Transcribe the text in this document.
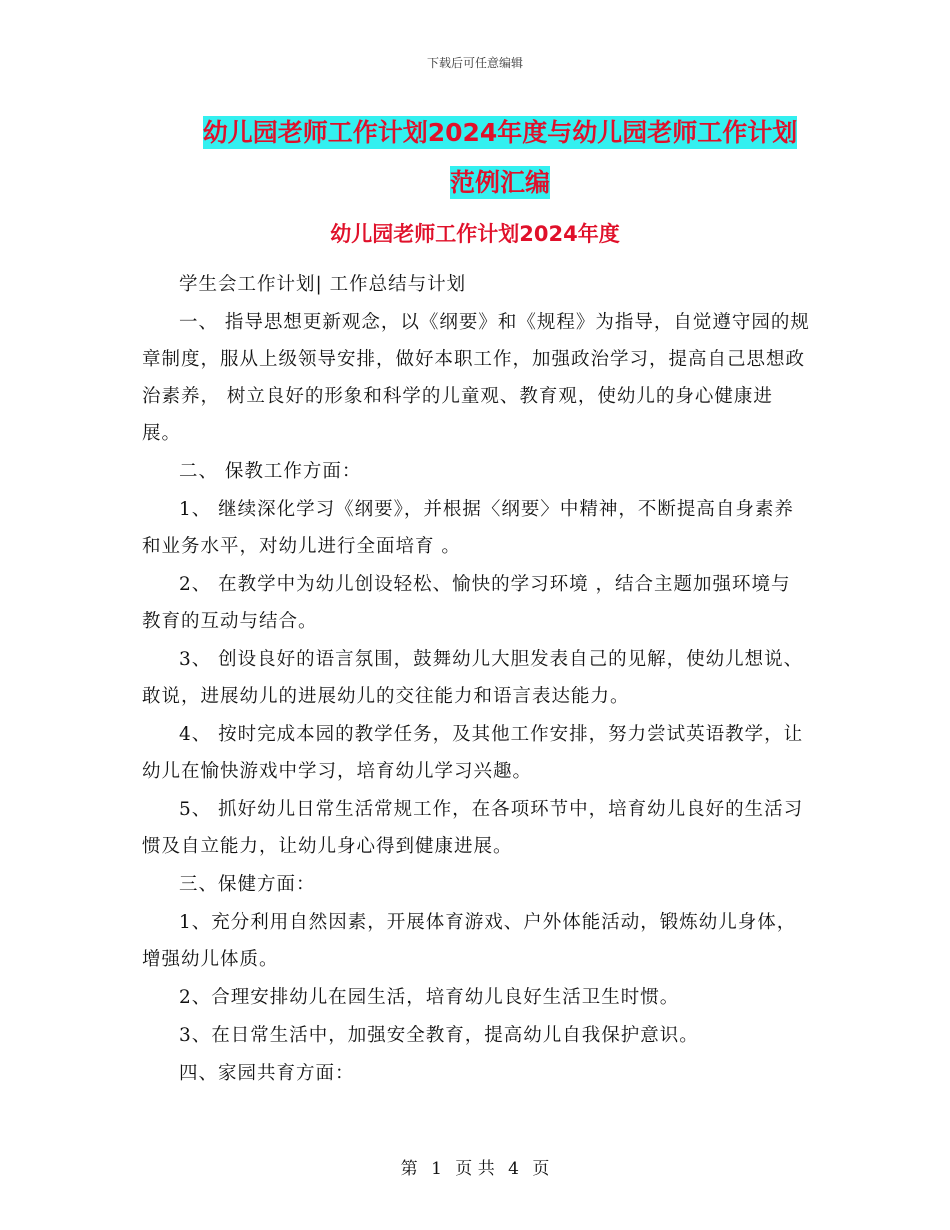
下载后可任意编辑
幼儿园老师工作计划2024年度与幼儿园老师工作计划
范例汇编
幼儿园老师工作计划2024年度

学生会工作计划| 工作总结与计划

一、 指导思想更新观念，以《纲要》和《规程》为指导，自觉遵守园的规章制度，服从上级领导安排，做好本职工作，加强政治学习，提高自己思想政治素养， 树立良好的形象和科学的儿童观、教育观，使幼儿的身心健康进展。

二、 保教工作方面：

1、 继续深化学习《纲要》，并根据〈纲要〉中精神，不断提高自身素养和业务水平，对幼儿进行全面培育 。

2、 在教学中为幼儿创设轻松、愉快的学习环境 ，结合主题加强环境与教育的互动与结合。

3、 创设良好的语言氛围，鼓舞幼儿大胆发表自己的见解，使幼儿想说、敢说，进展幼儿的进展幼儿的交往能力和语言表达能力。

4、 按时完成本园的教学任务，及其他工作安排，努力尝试英语教学，让幼儿在愉快游戏中学习，培育幼儿学习兴趣。

5、 抓好幼儿日常生活常规工作，在各项环节中，培育幼儿良好的生活习惯及自立能力，让幼儿身心得到健康进展。

三、保健方面：

1、充分利用自然因素，开展体育游戏、户外体能活动，锻炼幼儿身体，增强幼儿体质。

2、合理安排幼儿在园生活，培育幼儿良好生活卫生时惯。

3、在日常生活中，加强安全教育，提高幼儿自我保护意识。

四、家园共育方面：

第 1 页 共 4 页
